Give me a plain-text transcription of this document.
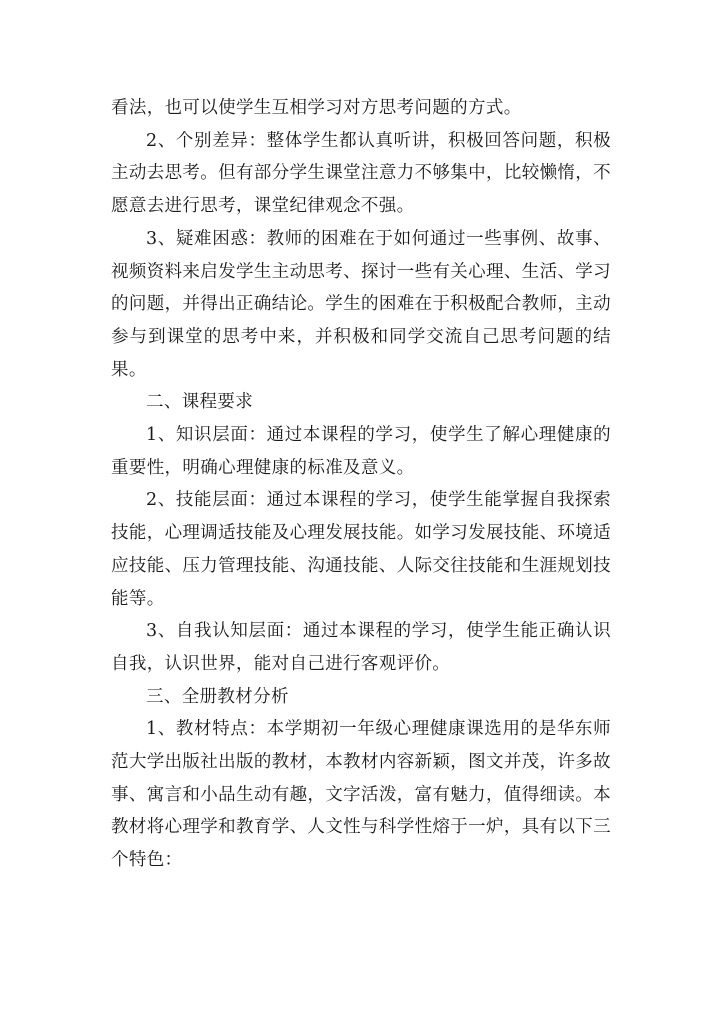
看法，也可以使学生互相学习对方思考问题的方式。

2、个别差异：整体学生都认真听讲，积极回答问题，积极主动去思考。但有部分学生课堂注意力不够集中，比较懒惰，不愿意去进行思考，课堂纪律观念不强。

3、疑难困惑：教师的困难在于如何通过一些事例、故事、视频资料来启发学生主动思考、探讨一些有关心理、生活、学习的问题，并得出正确结论。学生的困难在于积极配合教师，主动参与到课堂的思考中来，并积极和同学交流自己思考问题的结果。

二、课程要求

1、知识层面：通过本课程的学习，使学生了解心理健康的重要性，明确心理健康的标准及意义。

2、技能层面：通过本课程的学习，使学生能掌握自我探索技能，心理调适技能及心理发展技能。如学习发展技能、环境适应技能、压力管理技能、沟通技能、人际交往技能和生涯规划技能等。

3、自我认知层面：通过本课程的学习，使学生能正确认识自我，认识世界，能对自己进行客观评价。

三、全册教材分析

1、教材特点：本学期初一年级心理健康课选用的是华东师范大学出版社出版的教材，本教材内容新颖，图文并茂，许多故事、寓言和小品生动有趣，文字活泼，富有魅力，值得细读。本教材将心理学和教育学、人文性与科学性熔于一炉，具有以下三个特色：
